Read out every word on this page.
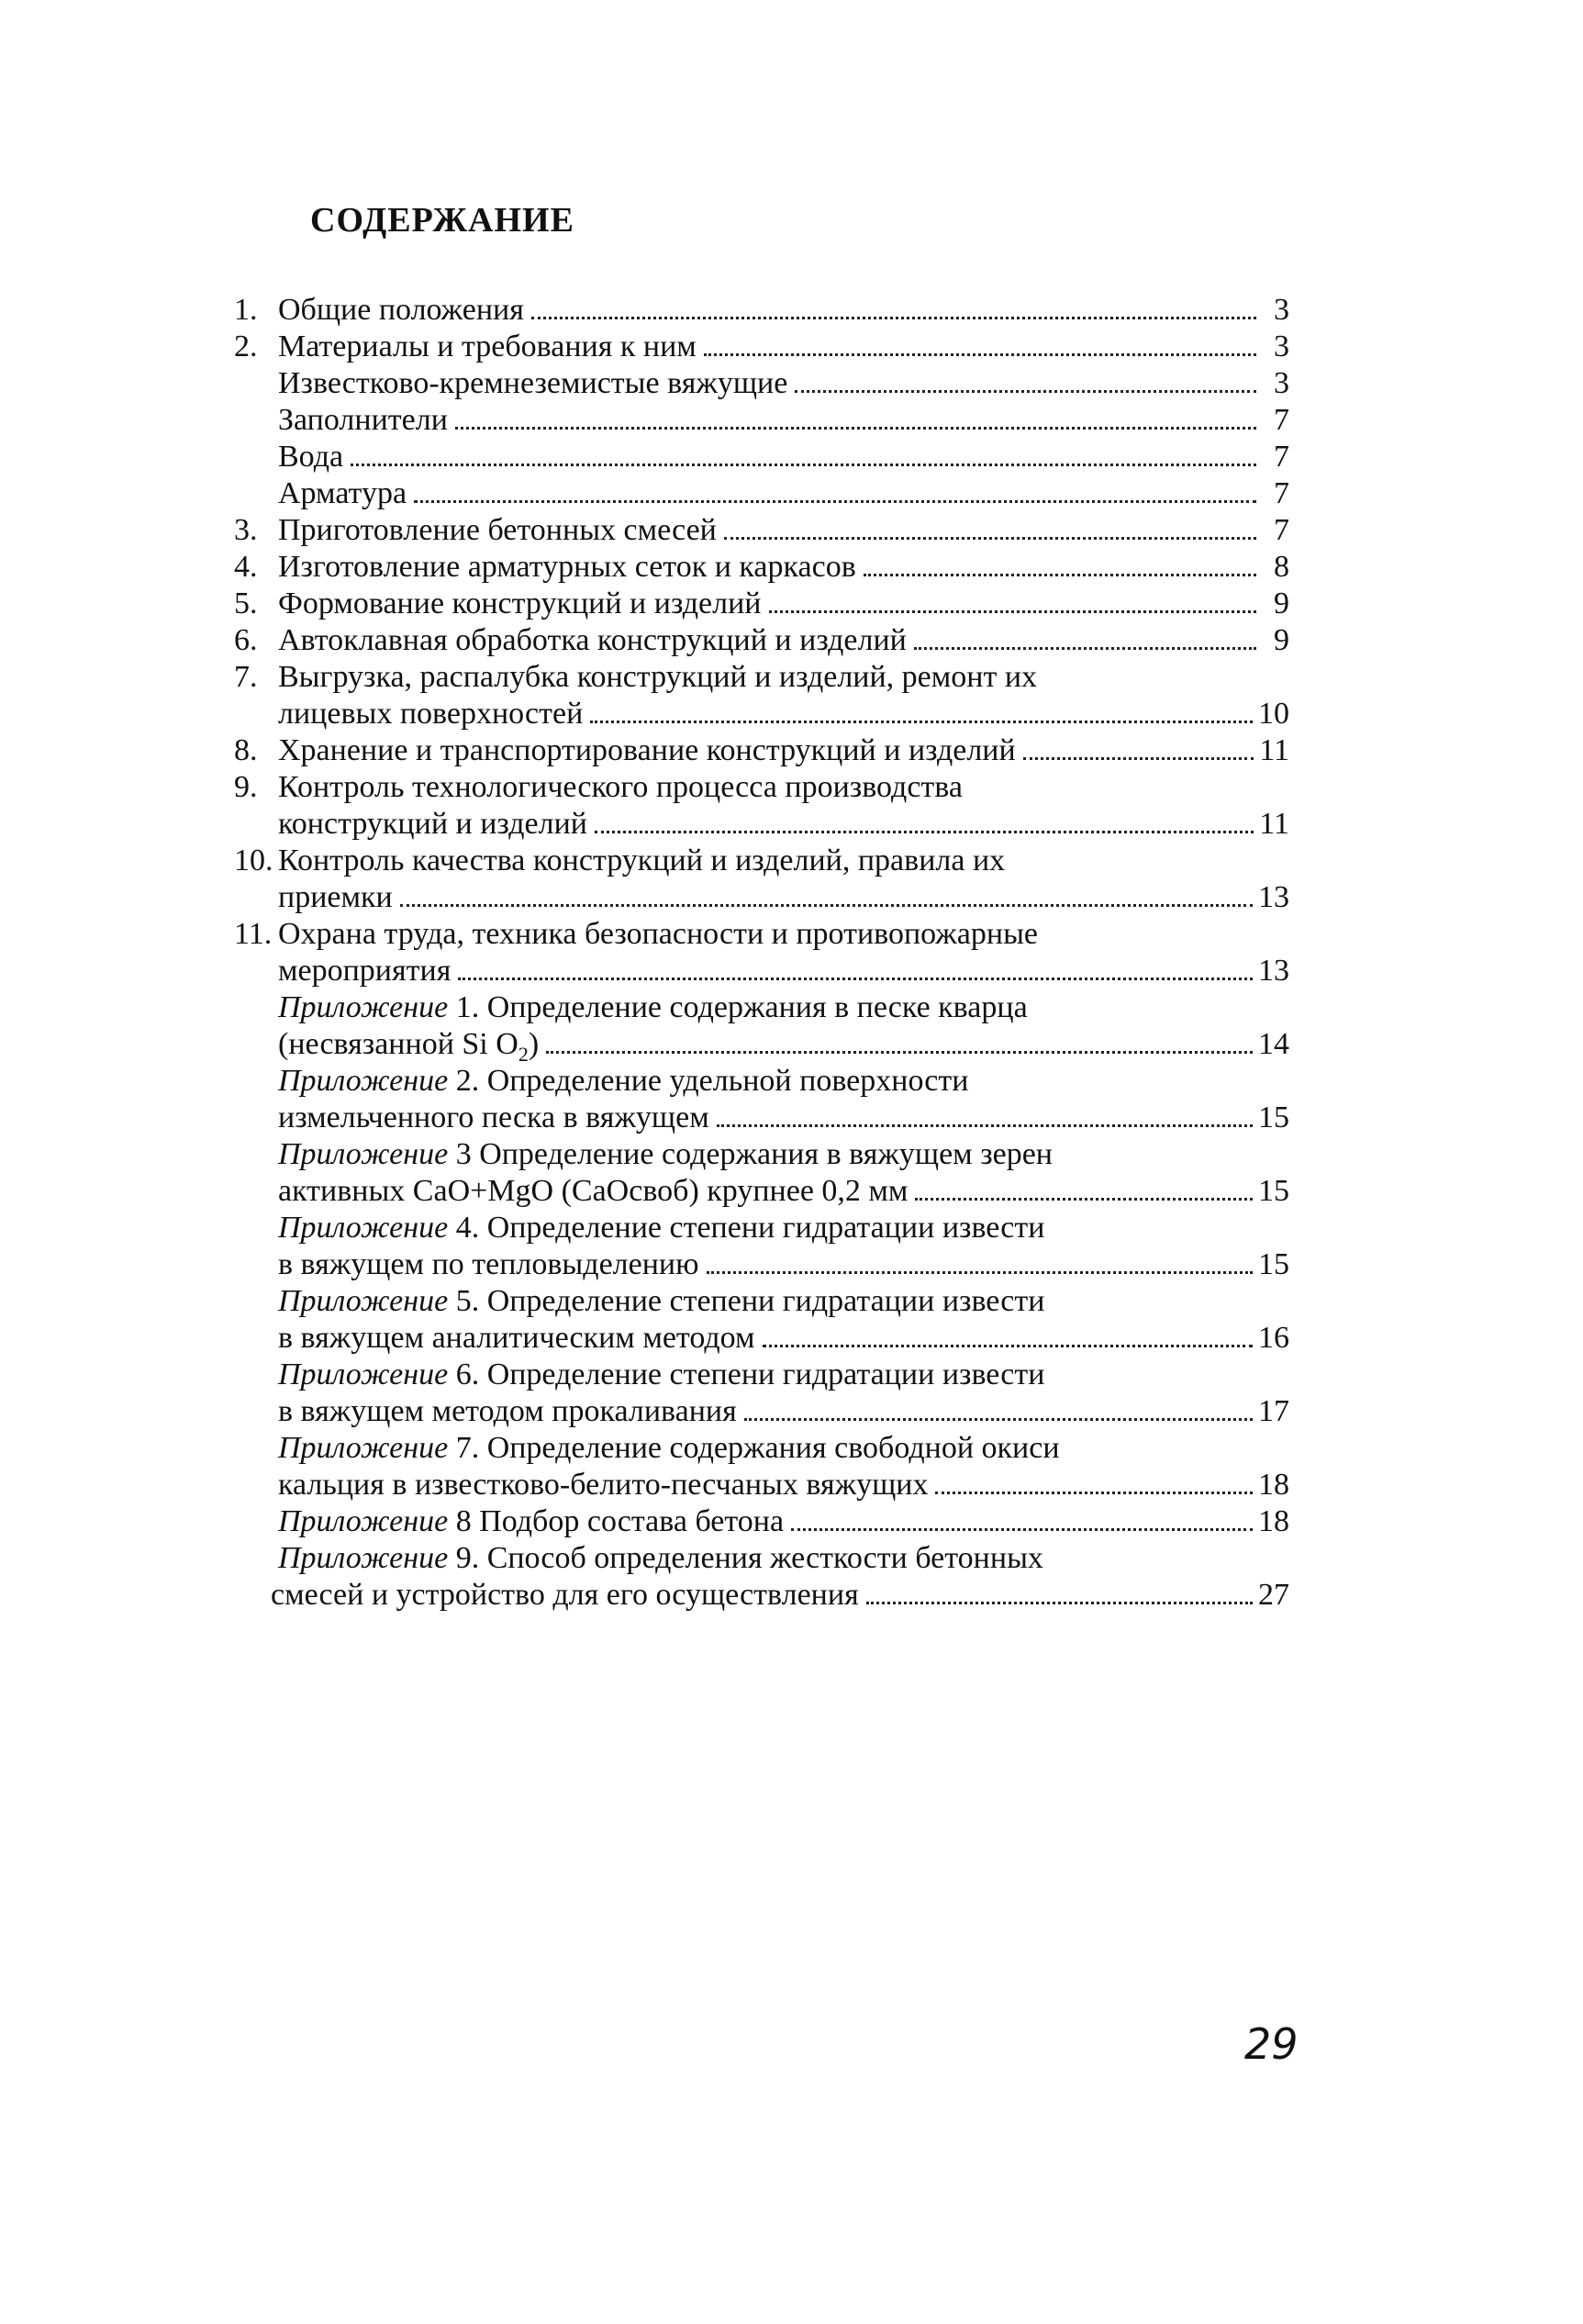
СОДЕРЖАНИЕ
1. Общие положения	3
2. Материалы и требования к ним	3
Известково-кремнеземистые вяжущие	3
Заполнители	7
Вода	7
Арматура	7
3. Приготовление бетонных смесей	7
4. Изготовление арматурных сеток и каркасов	8
5. Формование конструкций и изделий	9
6. Автоклавная обработка конструкций и изделий	9
7. Выгрузка, распалубка конструкций и изделий, ремонт их
лицевых поверхностей	10
8. Хранение и транспортирование конструкций и изделий	11
9. Контроль технологического процесса производства
конструкций и изделий	11
10. Контроль качества конструкций и изделий, правила их
приемки	13
11. Охрана труда, техника безопасности и противопожарные
мероприятия	13
Приложение 1. Определение содержания в песке кварца
(несвязанной Si $O_2$)	14
Приложение 2. Определение удельной поверхности
измельченного песка в вяжущем	15
Приложение 3 Определение содержания в вяжущем зерен
активных CaO+MgO (СаОсвоб) крупнее 0,2 мм	15
Приложение 4. Определение степени гидратации извести
в вяжущем по тепловыделению	15
Приложение 5. Определение степени гидратации извести
в вяжущем аналитическим методом	16
Приложение 6. Определение степени гидратации извести
в вяжущем методом прокаливания	17
Приложение 7. Определение содержания свободной окиси
кальция в известково-белито-песчаных вяжущих	18
Приложение 8 Подбор состава бетона	18
Приложение 9. Способ определения жесткости бетонных
смесей и устройство для его осуществления	27
29
